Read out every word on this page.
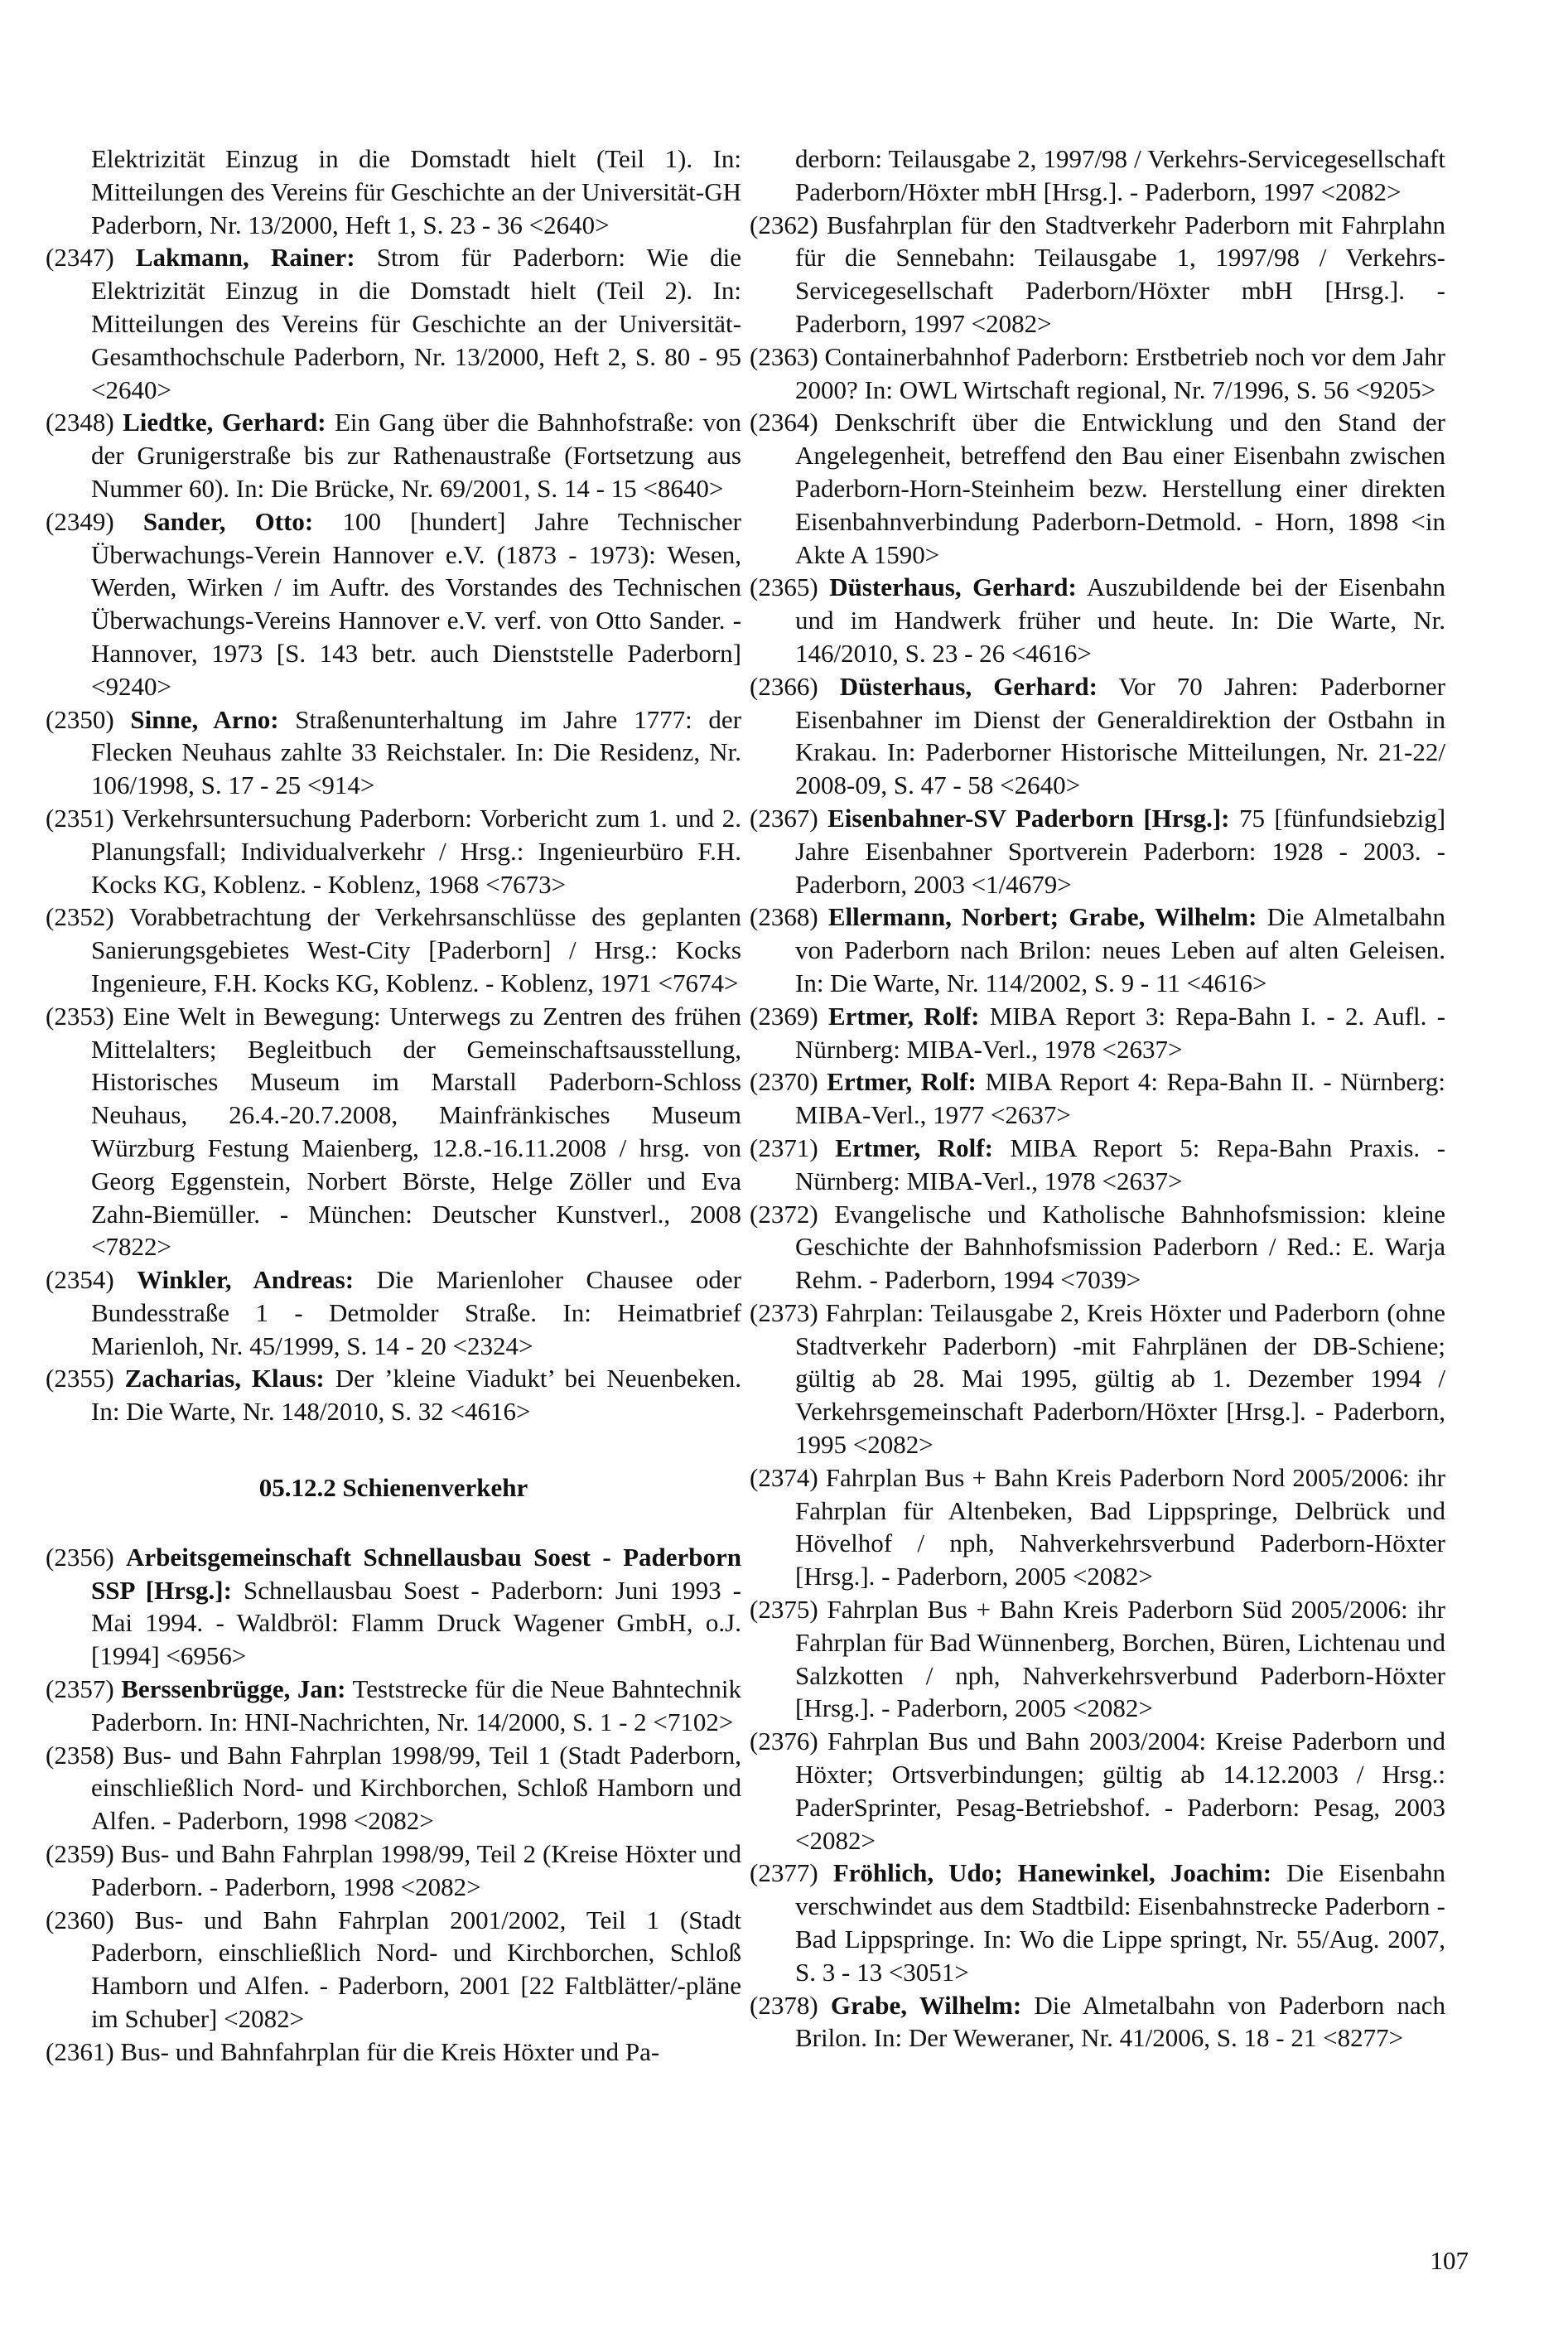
Elektrizität Einzug in die Domstadt hielt (Teil 1). In: Mitteilungen des Vereins für Geschichte an der Universität-GH Paderborn, Nr. 13/2000, Heft 1, S. 23 - 36 <2640>
(2347) Lakmann, Rainer: Strom für Paderborn: Wie die Elektrizität Einzug in die Domstadt hielt (Teil 2). In: Mitteilungen des Vereins für Geschichte an der Universität-Gesamthochschule Paderborn, Nr. 13/2000, Heft 2, S. 80 - 95 <2640>
(2348) Liedtke, Gerhard: Ein Gang über die Bahnhofstraße: von der Grunigerstraße bis zur Rathenaustraße (Fortsetzung aus Nummer 60). In: Die Brücke, Nr. 69/2001, S. 14 - 15 <8640>
(2349) Sander, Otto: 100 [hundert] Jahre Technischer Überwachungs-Verein Hannover e.V. (1873 - 1973): Wesen, Werden, Wirken / im Auftr. des Vorstandes des Technischen Überwachungs-Vereins Hannover e.V. verf. von Otto Sander. - Hannover, 1973 [S. 143 betr. auch Dienststelle Paderborn] <9240>
(2350) Sinne, Arno: Straßenunterhaltung im Jahre 1777: der Flecken Neuhaus zahlte 33 Reichstaler. In: Die Residenz, Nr. 106/1998, S. 17 - 25 <914>
(2351) Verkehrsuntersuchung Paderborn: Vorbericht zum 1. und 2. Planungsfall; Individualverkehr / Hrsg.: Ingenieurbüro F.H. Kocks KG, Koblenz. - Koblenz, 1968 <7673>
(2352) Vorabbetrachtung der Verkehrsanschlüsse des geplanten Sanierungsgebietes West-City [Paderborn] / Hrsg.: Kocks Ingenieure, F.H. Kocks KG, Koblenz. - Koblenz, 1971 <7674>
(2353) Eine Welt in Bewegung: Unterwegs zu Zentren des frühen Mittelalters; Begleitbuch der Gemeinschaftsausstellung, Historisches Museum im Marstall Paderborn-Schloss Neuhaus, 26.4.-20.7.2008, Mainfränkisches Museum Würzburg Festung Maienberg, 12.8.-16.11.2008 / hrsg. von Georg Eggenstein, Norbert Börste, Helge Zöller und Eva Zahn-Biemüller. - München: Deutscher Kunstverl., 2008 <7822>
(2354) Winkler, Andreas: Die Marienloher Chausee oder Bundesstraße 1 - Detmolder Straße. In: Heimatbrief Marienloh, Nr. 45/1999, S. 14 - 20 <2324>
(2355) Zacharias, Klaus: Der ’kleine Viadukt’ bei Neuenbeken. In: Die Warte, Nr. 148/2010, S. 32 <4616>
05.12.2 Schienenverkehr
(2356) Arbeitsgemeinschaft Schnellausbau Soest - Paderborn SSP [Hrsg.]: Schnellausbau Soest - Paderborn: Juni 1993 - Mai 1994. - Waldbröl: Flamm Druck Wagener GmbH, o.J. [1994] <6956>
(2357) Berssenbrügge, Jan: Teststrecke für die Neue Bahntechnik Paderborn. In: HNI-Nachrichten, Nr. 14/2000, S. 1 - 2 <7102>
(2358) Bus- und Bahn Fahrplan 1998/99, Teil 1 (Stadt Paderborn, einschließlich Nord- und Kirchborchen, Schloß Hamborn und Alfen. - Paderborn, 1998 <2082>
(2359) Bus- und Bahn Fahrplan 1998/99, Teil 2 (Kreise Höxter und Paderborn. - Paderborn, 1998 <2082>
(2360) Bus- und Bahn Fahrplan 2001/2002, Teil 1 (Stadt Paderborn, einschließlich Nord- und Kirchborchen, Schloß Hamborn und Alfen. - Paderborn, 2001 [22 Faltblätter/-pläne im Schuber] <2082>
(2361) Bus- und Bahnfahrplan für die Kreis Höxter und Pa-
derborn: Teilausgabe 2, 1997/98 / Verkehrs-Servicegesellschaft Paderborn/Höxter mbH [Hrsg.]. - Paderborn, 1997 <2082>
(2362) Busfahrplan für den Stadtverkehr Paderborn mit Fahrplahn für die Sennebahn: Teilausgabe 1, 1997/98 / Verkehrs-Servicegesellschaft Paderborn/Höxter mbH [Hrsg.]. - Paderborn, 1997 <2082>
(2363) Containerbahnhof Paderborn: Erstbetrieb noch vor dem Jahr 2000? In: OWL Wirtschaft regional, Nr. 7/1996, S. 56 <9205>
(2364) Denkschrift über die Entwicklung und den Stand der Angelegenheit, betreffend den Bau einer Eisenbahn zwischen Paderborn-Horn-Steinheim bezw. Herstellung einer direkten Eisenbahnverbindung Paderborn-Detmold. - Horn, 1898 <in Akte A 1590>
(2365) Düsterhaus, Gerhard: Auszubildende bei der Eisenbahn und im Handwerk früher und heute. In: Die Warte, Nr. 146/2010, S. 23 - 26 <4616>
(2366) Düsterhaus, Gerhard: Vor 70 Jahren: Paderborner Eisenbahner im Dienst der Generaldirektion der Ostbahn in Krakau. In: Paderborner Historische Mitteilungen, Nr. 21-22/ 2008-09, S. 47 - 58 <2640>
(2367) Eisenbahner-SV Paderborn [Hrsg.]: 75 [fünfundsiebzig] Jahre Eisenbahner Sportverein Paderborn: 1928 - 2003. - Paderborn, 2003 <1/4679>
(2368) Ellermann, Norbert; Grabe, Wilhelm: Die Almetalbahn von Paderborn nach Brilon: neues Leben auf alten Geleisen. In: Die Warte, Nr. 114/2002, S. 9 - 11 <4616>
(2369) Ertmer, Rolf: MIBA Report 3: Repa-Bahn I. - 2. Aufl. - Nürnberg: MIBA-Verl., 1978 <2637>
(2370) Ertmer, Rolf: MIBA Report 4: Repa-Bahn II. - Nürnberg: MIBA-Verl., 1977 <2637>
(2371) Ertmer, Rolf: MIBA Report 5: Repa-Bahn Praxis. - Nürnberg: MIBA-Verl., 1978 <2637>
(2372) Evangelische und Katholische Bahnhofsmission: kleine Geschichte der Bahnhofsmission Paderborn / Red.: E. Warja Rehm. - Paderborn, 1994 <7039>
(2373) Fahrplan: Teilausgabe 2, Kreis Höxter und Paderborn (ohne Stadtverkehr Paderborn) -mit Fahrplänen der DB-Schiene; gültig ab 28. Mai 1995, gültig ab 1. Dezember 1994 / Verkehrsgemeinschaft Paderborn/Höxter [Hrsg.]. - Paderborn, 1995 <2082>
(2374) Fahrplan Bus + Bahn Kreis Paderborn Nord 2005/2006: ihr Fahrplan für Altenbeken, Bad Lippspringe, Delbrück und Hövelhof / nph, Nahverkehrsverbund Paderborn-Höxter [Hrsg.]. - Paderborn, 2005 <2082>
(2375) Fahrplan Bus + Bahn Kreis Paderborn Süd 2005/2006: ihr Fahrplan für Bad Wünnenberg, Borchen, Büren, Lichtenau und Salzkotten / nph, Nahverkehrsverbund Paderborn-Höxter [Hrsg.]. - Paderborn, 2005 <2082>
(2376) Fahrplan Bus und Bahn 2003/2004: Kreise Paderborn und Höxter; Ortsverbindungen; gültig ab 14.12.2003 / Hrsg.: PaderSprinter, Pesag-Betriebshof. - Paderborn: Pesag, 2003 <2082>
(2377) Fröhlich, Udo; Hanewinkel, Joachim: Die Eisenbahn verschwindet aus dem Stadtbild: Eisenbahnstrecke Paderborn - Bad Lippspringe. In: Wo die Lippe springt, Nr. 55/Aug. 2007, S. 3 - 13 <3051>
(2378) Grabe, Wilhelm: Die Almetalbahn von Paderborn nach Brilon. In: Der Weweraner, Nr. 41/2006, S. 18 - 21 <8277>
107
